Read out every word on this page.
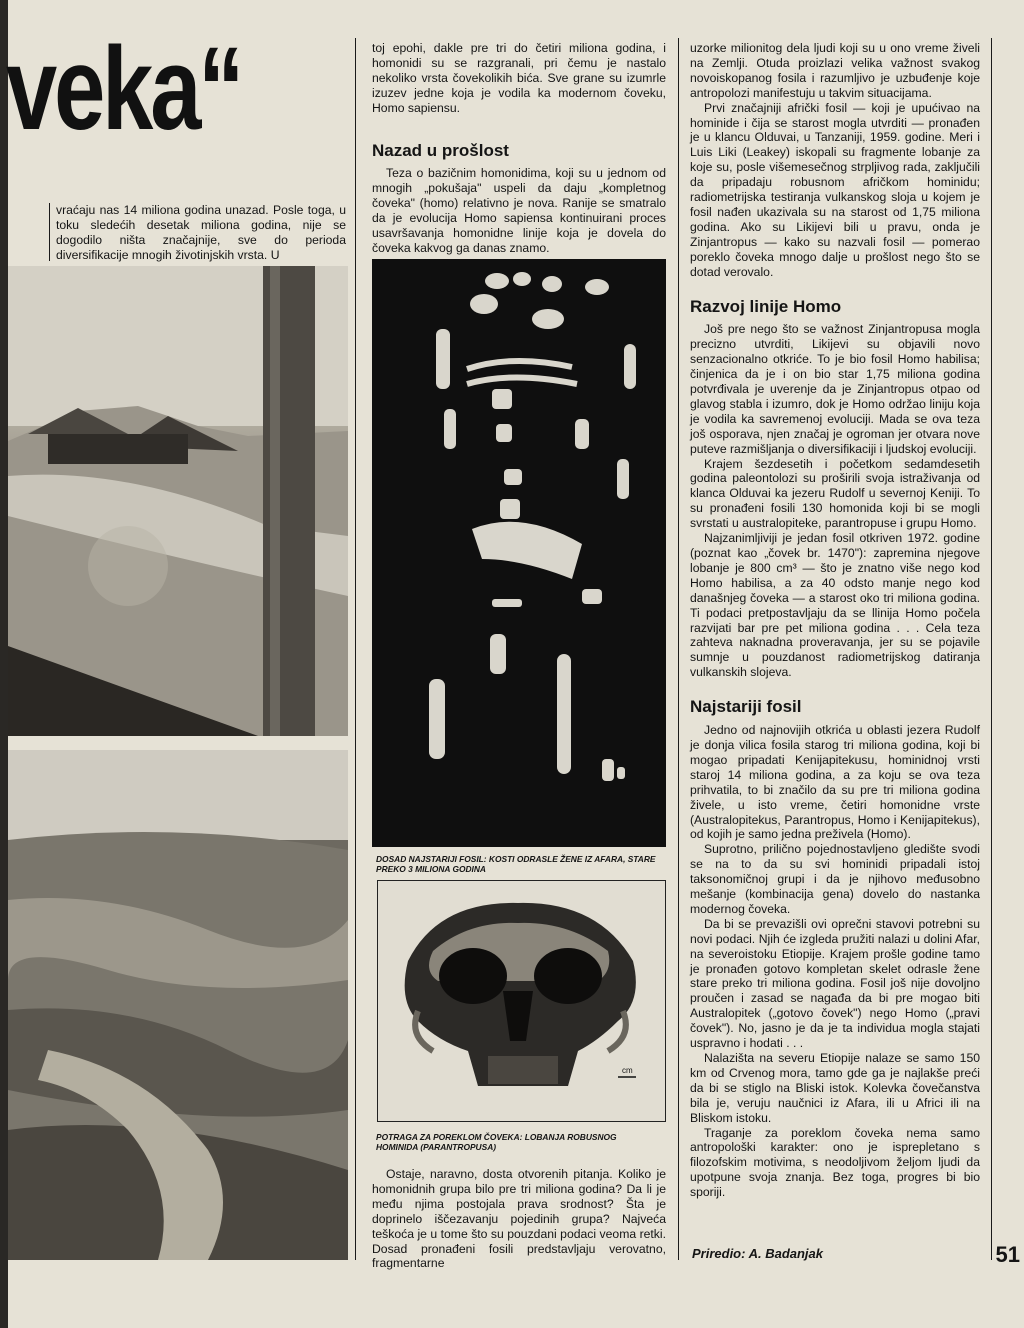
veka“
vraćaju nas 14 miliona godina unazad. Posle toga, u toku sledećih desetak miliona godina, nije se dogodilo ništa značajnije, sve do perioda diversifikacije mnogih životinjskih vrsta. U

toj epohi, dakle pre tri do četiri miliona godina, i homonidi su se razgranali, pri čemu je nastalo nekoliko vrsta čovekolikih bića. Sve grane su izumrle izuzev jedne koja je vodila ka modernom čoveku, Homo sapiensu.

Nazad u prošlost

Teza o bazičnim homonidima, koji su u jednom od mnogih „pokušaja" uspeli da daju „kompletnog čoveka" (homo) relativno je nova. Ranije se smatralo da je evolucija Homo sapiensa kontinuirani proces usavršavanja homonidne linije koja je dovela do čoveka kakvog ga danas znamo.

DOSAD NAJSTARIJI FOSIL: KOSTI ODRASLE ŽENE IZ AFARA, STARE PREKO 3 MILIONA GODINA
cm
POTRAGA ZA POREKLOM ČOVEKA: LOBANJA ROBUSNOG HOMINIDA (PARANTROPUSA)

Ostaje, naravno, dosta otvorenih pitanja. Koliko je homonidnih grupa bilo pre tri miliona godina? Da li je među njima postojala prava srodnost? Šta je doprinelo iščezavanju pojedinih grupa? Najveća teškoća je u tome što su pouzdani podaci veoma retki. Dosad pronađeni fosili predstavljaju verovatno, fragmentarne

uzorke milionitog dela ljudi koji su u ono vreme živeli na Zemlji. Otuda proizlazi velika važnost svakog novoiskopanog fosila i razumljivo je uzbuđenje koje antropolozi manifestuju u takvim situacijama.

Prvi značajniji afrički fosil — koji je upućivao na hominide i čija se starost mogla utvrditi — pronađen je u klancu Olduvai, u Tanzaniji, 1959. godine. Meri i Luis Liki (Leakey) iskopali su fragmente lobanje za koje su, posle višemesečnog strpljivog rada, zaključili da pripadaju robusnom afričkom hominidu; radiometrijska testiranja vulkanskog sloja u kojem je fosil nađen ukazivala su na starost od 1,75 miliona godina. Ako su Likijevi bili u pravu, onda je Zinjantropus — kako su nazvali fosil — pomerao poreklo čoveka mnogo dalje u prošlost nego što se dotad verovalo.

Razvoj linije Homo

Još pre nego što se važnost Zinjantropusa mogla precizno utvrditi, Likijevi su objavili novo senzacionalno otkriće. To je bio fosil Homo habilisa; činjenica da je i on bio star 1,75 miliona godina potvrđivala je uverenje da je Zinjantropus otpao od glavog stabla i izumro, dok je Homo održao liniju koja je vodila ka savremenoj evoluciji. Mada se ova teza još osporava, njen značaj je ogroman jer otvara nove puteve razmišljanja o diversifikaciji i ljudskoj evoluciji.

Krajem šezdesetih i početkom sedamdesetih godina paleontolozi su proširili svoja istraživanja od klanca Olduvai ka jezeru Rudolf u severnoj Keniji. To su pronađeni fosili 130 homonida koji bi se mogli svrstati u australopiteke, parantropuse i grupu Homo.

Najzanimljiviji je jedan fosil otkriven 1972. godine (poznat kao „čovek br. 1470"): zapremina njegove lobanje je 800 cm³ — što je znatno više nego kod Homo habilisa, a za 40 odsto manje nego kod današnjeg čoveka — a starost oko tri miliona godina. Ti podaci pretpostavljaju da se llinija Homo počela razvijati bar pre pet miliona godina . . . Cela teza zahteva naknadna proveravanja, jer su se pojavile sumnje u pouzdanost radiometrijskog datiranja vulkanskih slojeva.

Najstariji fosil

Jedno od najnovijih otkrića u oblasti jezera Rudolf je donja vilica fosila starog tri miliona godina, koji bi mogao pripadati Kenijapitekusu, hominidnoj vrsti staroj 14 miliona godina, a za koju se ova teza prihvatila, to bi značilo da su pre tri miliona godina živele, u isto vreme, četiri homonidne vrste (Australopitekus, Parantropus, Homo i Kenijapitekus), od kojih je samo jedna preživela (Homo).

Suprotno, prilično pojednostavljeno gledište svodi se na to da su svi hominidi pripadali istoj taksonomičnoj grupi i da je njihovo međusobno mešanje (kombinacija gena) dovelo do nastanka modernog čoveka.

Da bi se prevazišli ovi oprečni stavovi potrebni su novi podaci. Njih će izgleda pružiti nalazi u dolini Afar, na severoistoku Etiopije. Krajem prošle godine tamo je pronađen gotovo kompletan skelet odrasle žene stare preko tri miliona godina. Fosil još nije dovoljno proučen i zasad se nagađa da bi pre mogao biti Australopitek („gotovo čovek") nego Homo („pravi čovek"). No, jasno je da je ta individua mogla stajati uspravno i hodati . . .

Nalazišta na severu Etiopije nalaze se samo 150 km od Crvenog mora, tamo gde ga je najlakše preći da bi se stiglo na Bliski istok. Kolevka čovečanstva bila je, veruju naučnici iz Afara, ili u Africi ili na Bliskom istoku.

Traganje za poreklom čoveka nema samo antropološki karakter: ono je isprepletano s filozofskim motivima, s neodoljivom željom ljudi da upotpune svoja znanja. Bez toga, progres bi bio sporiji.

Priredio: A. Badanjak	51
